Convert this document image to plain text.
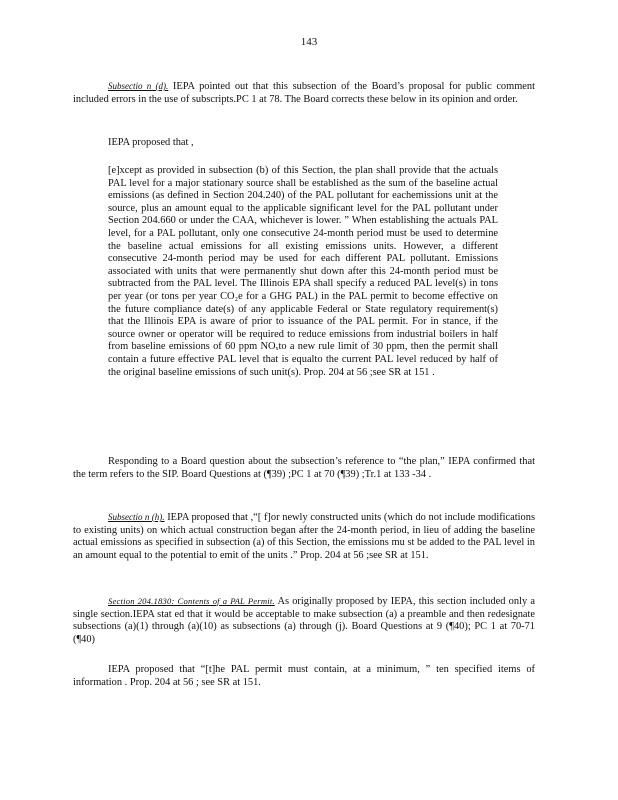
143

Subsectio n (d). IEPA pointed out that this subsection of the Board’s proposal for public comment included errors in the use of subscripts.PC 1 at 78. The Board corrects these below in its opinion and order.

IEPA proposed that ,

[e]xcept as provided in subsection (b) of this Section, the plan shall provide that the actuals PAL level for a major stationary source shall be established as the sum of the baseline actual emissions (as defined in Section 204.240) of the PAL pollutant for eachemissions unit at the source, plus an amount equal to the applicable significant level for the PAL pollutant under Section 204.660 or under the CAA, whichever is lower. ” When establishing the actuals PAL level, for a PAL pollutant, only one consecutive 24-month period must be used to determine the baseline actual emissions for all existing emissions units. However, a different consecutive 24-month period may be used for each different PAL pollutant. Emissions associated with units that were permanently shut down after this 24-month period must be subtracted from the PAL level. The Illinois EPA shall specify a reduced PAL level(s) in tons per year (or tons per year CO₂e for a GHG PAL) in the PAL permit to become effective on the future compliance date(s) of any applicable Federal or State regulatory requirement(s) that the Illinois EPA is aware of prior to issuance of the PAL permit. For in stance, if the source owner or operator will be required to reduce emissions from industrial boilers in half from baseline emissions of 60 ppm NOₓto a new rule limit of 30 ppm, then the permit shall contain a future effective PAL level that is equalto the current PAL level reduced by half of the original baseline emissions of such unit(s). Prop. 204 at 56 ;see SR at 151 .

Responding to a Board question about the subsection’s reference to “the plan,” IEPA confirmed that the term refers to the SIP. Board Questions at (¶39) ;PC 1 at 70 (¶39) ;Tr.1 at 133 -34 .

Subsectio n (h). IEPA proposed that ,“[ f]or newly constructed units (which do not include modifications to existing units) on which actual construction began after the 24-month period, in lieu of adding the baseline actual emissions as specified in subsection (a) of this Section, the emissions mu st be added to the PAL level in an amount equal to the potential to emit of the units .” Prop. 204 at 56 ;see SR at 151.

Section 204.1830: Contents of a PAL Permit. As originally proposed by IEPA, this section included only a single section.IEPA stat ed that it would be acceptable to make subsection (a) a preamble and then redesignate subsections (a)(1) through (a)(10) as subsections (a) through (j). Board Questions at 9 (¶40); PC 1 at 70-71 (¶40)

IEPA proposed that “[t]he PAL permit must contain, at a minimum, ” ten specified items of information . Prop. 204 at 56 ; see SR at 151.
